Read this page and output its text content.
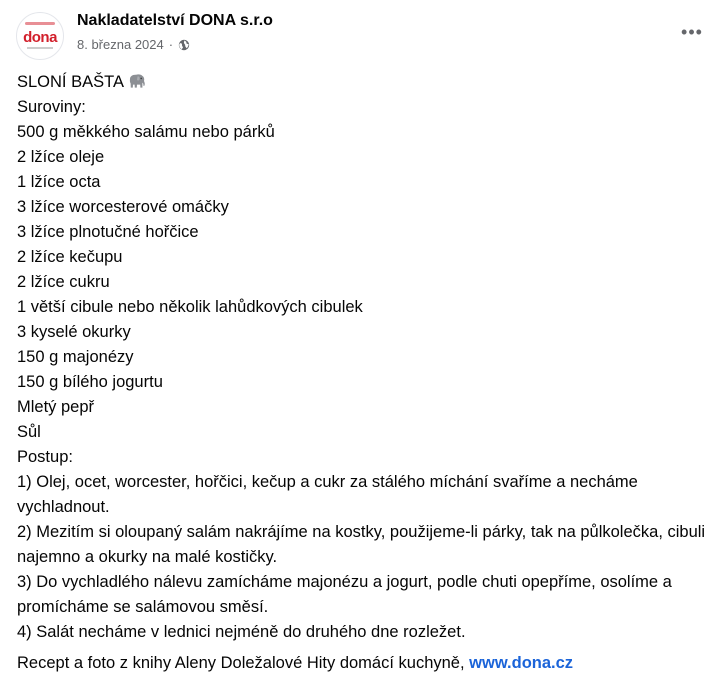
dona
Nakladatelství DONA s.r.o
8. března 2024 ·
•••
SLONÍ BAŠTA
Suroviny:
500 g měkkého salámu nebo párků
2 lžíce oleje
1 lžíce octa
3 lžíce worcesterové omáčky
3 lžíce plnotučné hořčice
2 lžíce kečupu
2 lžíce cukru
1 větší cibule nebo několik lahůdkových cibulek
3 kyselé okurky
150 g majonézy
150 g bílého jogurtu
Mletý pepř
Sůl
Postup:
1) Olej, ocet, worcester, hořčici, kečup a cukr za stálého míchání svaříme a necháme vychladnout.
2) Mezitím si oloupaný salám nakrájíme na kostky, použijeme-li párky, tak na půlkolečka, cibuli najemno a okurky na malé kostičky.
3) Do vychladlého nálevu zamícháme majonézu a jogurt, podle chuti opepříme, osolíme a promícháme se salámovou směsí.
4) Salát necháme v lednici nejméně do druhého dne rozležet.
Recept a foto z knihy Aleny Doležalové Hity domácí kuchyně, www.dona.cz
